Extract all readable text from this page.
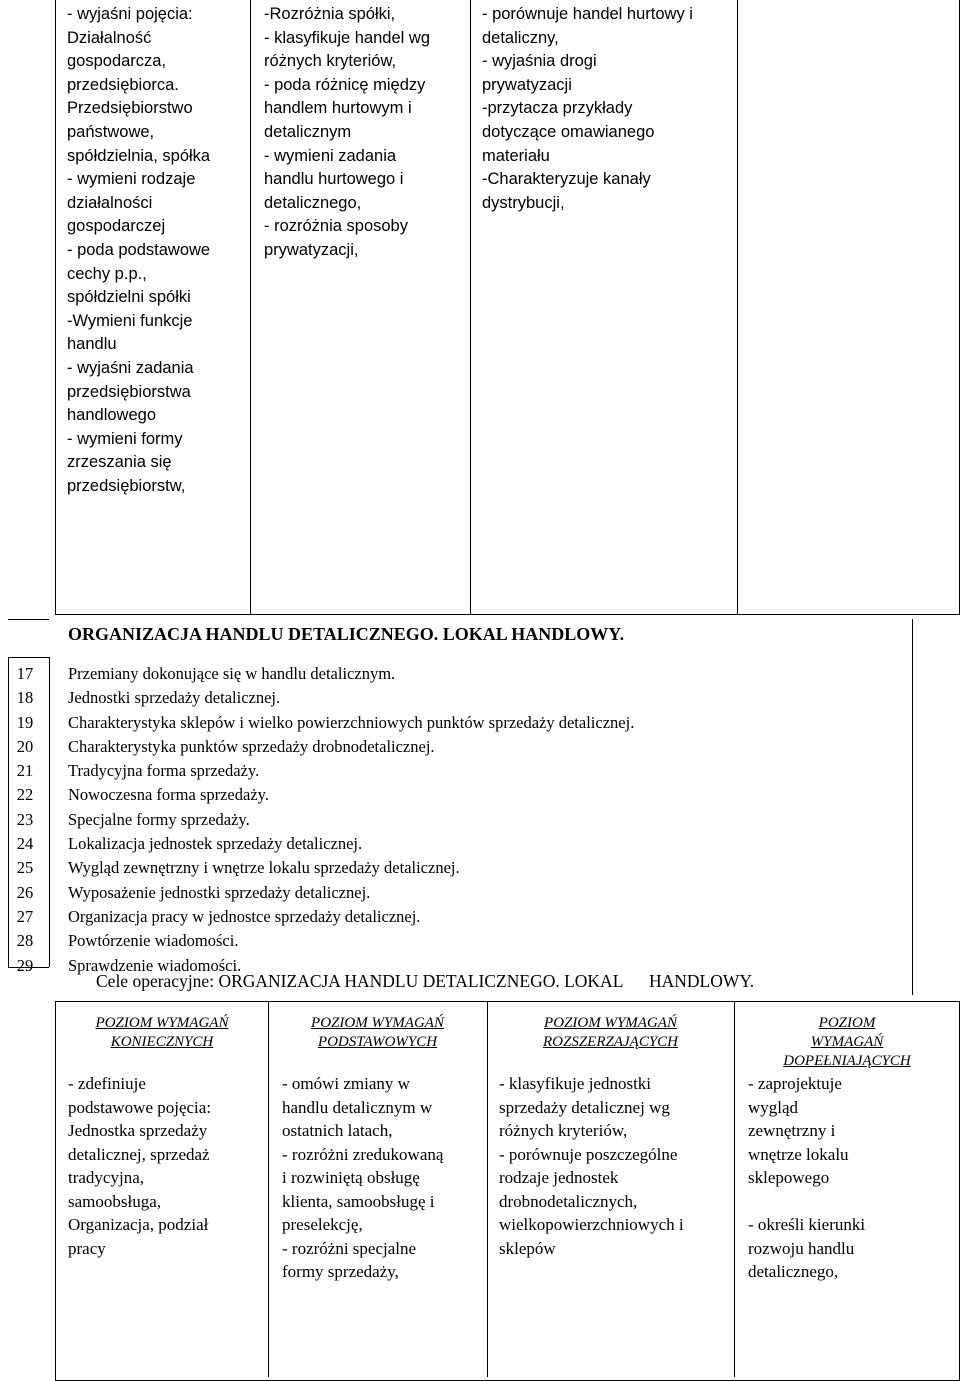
- wyjaśni pojęcia:
Działalność
gospodarcza,
przedsiębiorca.
Przedsiębiorstwo
państwowe,
spółdzielnia, spółka
- wymieni rodzaje
działalności
gospodarczej
- poda podstawowe
cechy p.p.,
spółdzielni spółki
-Wymieni funkcje
handlu
- wyjaśni zadania
przedsiębiorstwa
handlowego
- wymieni formy
zrzeszania się
przedsiębiorstw,
-Rozróżnia spółki,
- klasyfikuje handel wg
różnych kryteriów,
- poda różnicę między
handlem hurtowym i
detalicznym
- wymieni zadania
handlu hurtowego i
detalicznego,
- rozróżnia sposoby
prywatyzacji,
- porównuje handel hurtowy i
detaliczny,
- wyjaśnia drogi
prywatyzacji
-przytacza przykłady
dotyczące omawianego
materiału
-Charakteryzuje kanały
dystrybucji,
ORGANIZACJA HANDLU DETALICZNEGO. LOKAL HANDLOWY.
17
18
19
20
21
22
23
24
25
26
27
28
29
Przemiany dokonujące się w handlu detalicznym.
Jednostki sprzedaży detalicznej.
Charakterystyka sklepów i wielko powierzchniowych punktów sprzedaży detalicznej.
Charakterystyka punktów sprzedaży drobnodetalicznej.
Tradycyjna forma sprzedaży.
Nowoczesna forma sprzedaży.
Specjalne formy sprzedaży.
Lokalizacja jednostek sprzedaży detalicznej.
Wygląd zewnętrzny i wnętrze lokalu sprzedaży detalicznej.
Wyposażenie jednostki sprzedaży detalicznej.
Organizacja pracy w jednostce sprzedaży detalicznej.
Powtórzenie wiadomości.
Sprawdzenie wiadomości.
Cele operacyjne: ORGANIZACJA HANDLU DETALICZNEGO. LOKAL      HANDLOWY.
POZIOM WYMAGAŃ
KONIECZNYCH
POZIOM WYMAGAŃ
PODSTAWOWYCH
POZIOM WYMAGAŃ
ROZSZERZAJĄCYCH
POZIOM
WYMAGAŃ
DOPEŁNIAJĄCYCH
- zdefiniuje
podstawowe pojęcia:
Jednostka sprzedaży
detalicznej, sprzedaż
tradycyjna,
samoobsługa,
Organizacja, podział
pracy
- omówi zmiany w
handlu detalicznym w
ostatnich latach,
- rozróżni zredukowaną
i rozwiniętą obsługę
klienta, samoobsługę i
preselekcję,
- rozróżni specjalne
formy sprzedaży,
- klasyfikuje jednostki
sprzedaży detalicznej wg
różnych kryteriów,
- porównuje poszczególne
rodzaje jednostek
drobnodetalicznych,
wielkopowierzchniowych i
sklepów
- zaprojektuje
wygląd
zewnętrzny i
wnętrze lokalu
sklepowego

- określi kierunki
rozwoju handlu
detalicznego,
